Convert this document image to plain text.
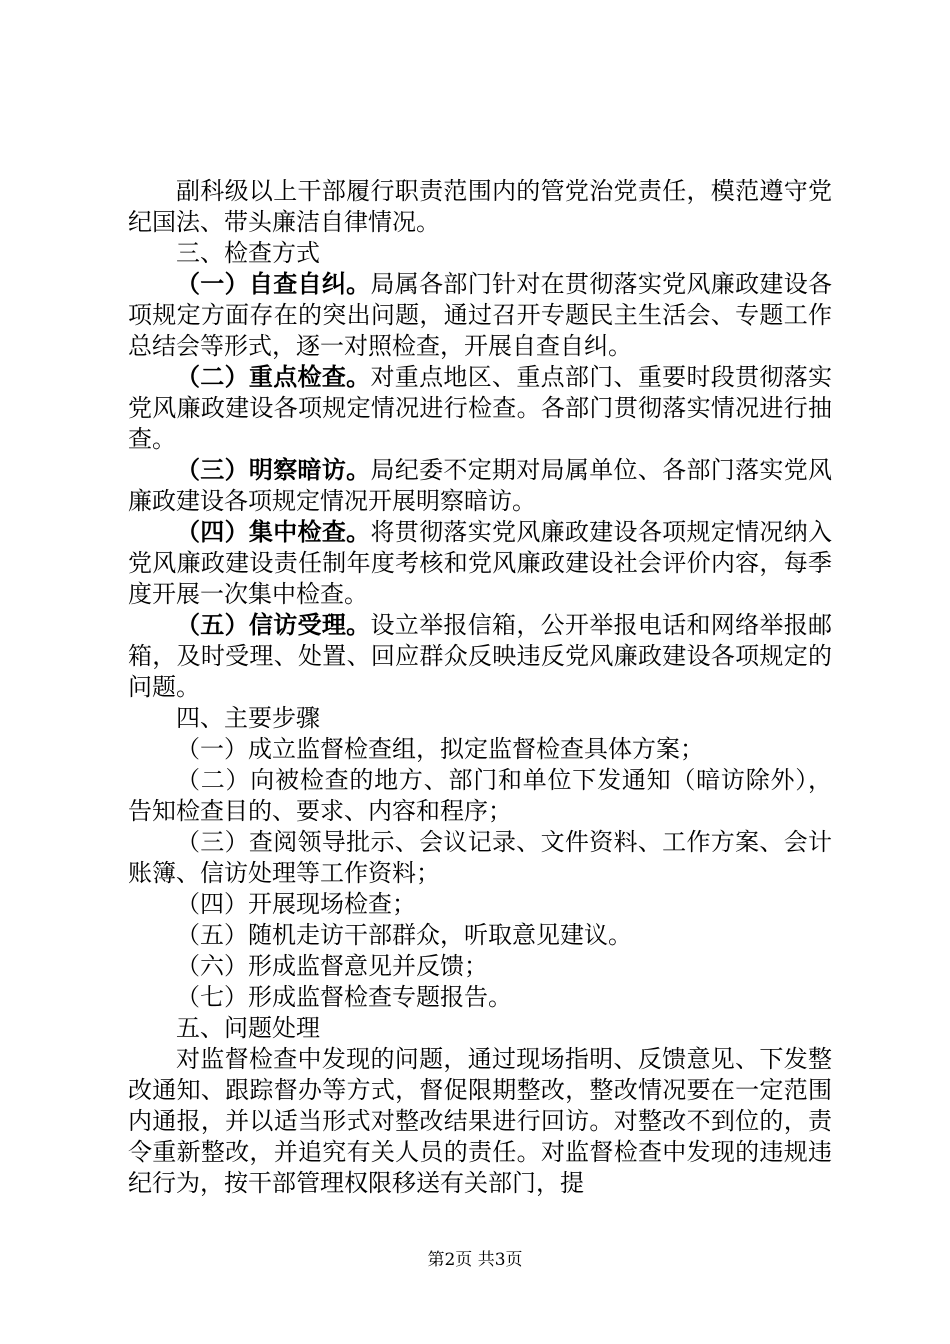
副科级以上干部履行职责范围内的管党治党责任，模范遵守党纪国法、带头廉洁自律情况。

三、检查方式

（一）自查自纠。局属各部门针对在贯彻落实党风廉政建设各项规定方面存在的突出问题，通过召开专题民主生活会、专题工作总结会等形式，逐一对照检查，开展自查自纠。

（二）重点检查。对重点地区、重点部门、重要时段贯彻落实党风廉政建设各项规定情况进行检查。各部门贯彻落实情况进行抽查。

（三）明察暗访。局纪委不定期对局属单位、各部门落实党风廉政建设各项规定情况开展明察暗访。

（四）集中检查。将贯彻落实党风廉政建设各项规定情况纳入党风廉政建设责任制年度考核和党风廉政建设社会评价内容，每季度开展一次集中检查。

（五）信访受理。设立举报信箱，公开举报电话和网络举报邮箱，及时受理、处置、回应群众反映违反党风廉政建设各项规定的问题。

四、主要步骤

（一）成立监督检查组，拟定监督检查具体方案；

（二）向被检查的地方、部门和单位下发通知（暗访除外），告知检查目的、要求、内容和程序；

（三）查阅领导批示、会议记录、文件资料、工作方案、会计账簿、信访处理等工作资料；

（四）开展现场检查；

（五）随机走访干部群众，听取意见建议。

（六）形成监督意见并反馈；

（七）形成监督检查专题报告。

五、问题处理

对监督检查中发现的问题，通过现场指明、反馈意见、下发整改通知、跟踪督办等方式，督促限期整改，整改情况要在一定范围内通报，并以适当形式对整改结果进行回访。对整改不到位的，责令重新整改，并追究有关人员的责任。对监督检查中发现的违规违纪行为，按干部管理权限移送有关部门，提

第2页 共3页
